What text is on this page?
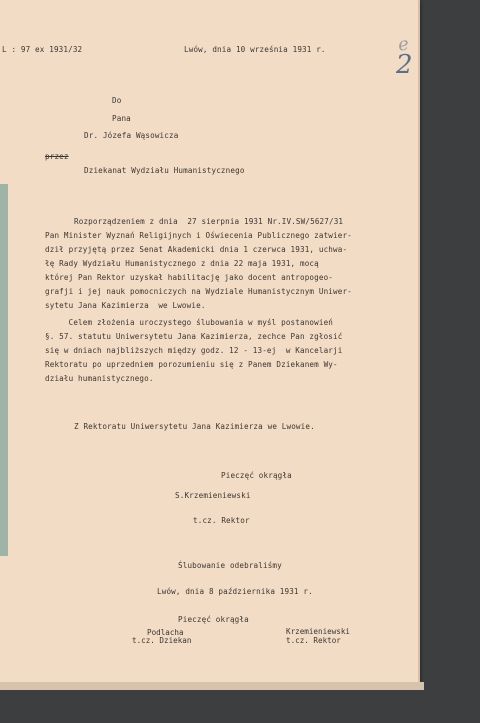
L : 97 ex 1931/32	Lwów, dnia 10 września 1931 r.	e
2
Do
Pana
Dr. Józefa Wąsowicza
przez
Dziekanat Wydziału Humanistycznego
Rozporządzeniem z dnia  27 sierpnia 1931 Nr.IV.SW/5627/31
Pan Minister Wyznań Religijnych i Oświecenia Publicznego zatwier-
dził przyjętą przez Senat Akademicki dnia 1 czerwca 1931, uchwa-
łę Rady Wydziału Humanistycznego z dnia 22 maja 1931, mocą
której Pan Rektor uzyskał habilitację jako docent antropogeo-
grafji i jej nauk pomocniczych na Wydziale Humanistycznym Uniwer-
sytetu Jana Kazimierza  we Lwowie.
Celem złożenia uroczystego ślubowania w myśl postanowień
§. 57. statutu Uniwersytetu Jana Kazimierza, zechce Pan zgłosić
się w dniach najbliższych między godz. 12 - 13-ej  w Kancelarji
Rektoratu po uprzedniem porozumieniu się z Panem Dziekanem Wy-
działu humanistycznego.
Z Rektoratu Uniwersytetu Jana Kazimierza we Lwowie.
Pieczęć okrągła
S.Krzemieniewski
t.cz. Rektor
Ślubowanie odebraliśmy
Lwów, dnia 8 października 1931 r.
Pieczęć okrągła
Podlacha
t.cz. Dziekan
Krzemieniewski
t.cz. Rektor
